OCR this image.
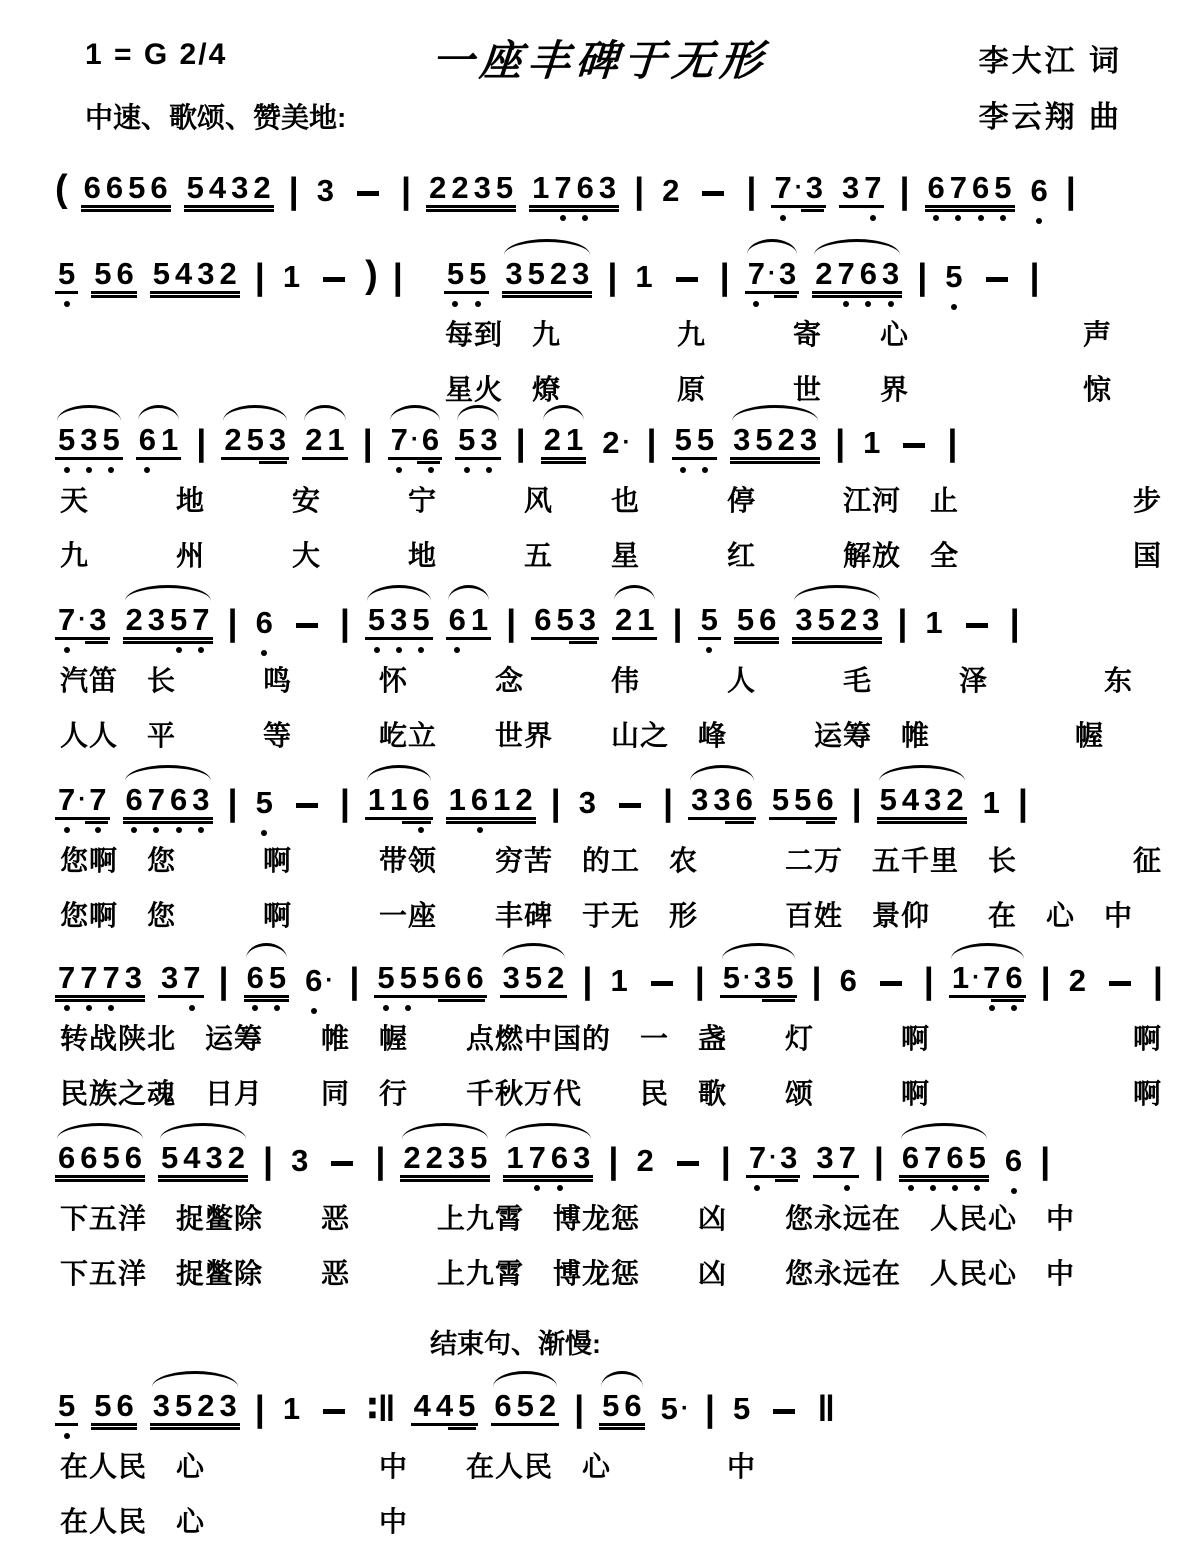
1 = G 2/4	一座丰碑于无形	李大江 词
李云翔 曲
中速、歌颂、赞美地:
( 6 6 5 6 5 4 3 2 | 3 | 2 2 3 5 1 7 6 3 | 2 | 7 · 3 3 7 | 6 7 6 5 6 |
5 5 6 5 4 3 2 | 1 ) | 5 5 3 5 2 3 | 1 | 7 · 3 2 7 6 3 | 5 |
每到　九　　　　九　　　寄　　心　　　　　　声
星火　燎　　　　原　　　世　　界　　　　　　惊
5 3 5 6 1 | 2 5 3 2 1 | 7 · 6 5 3 | 2 1 2 · | 5 5 3 5 2 3 | 1 |
天　　　地　　　安　　　宁　　　风　　也　　　停　　　江河　止　　　　　　步
九　　　州　　　大　　　地　　　五　　星　　　红　　　解放　全　　　　　　国
7 · 3 2 3 5 7 | 6 | 5 3 5 6 1 | 6 5 3 2 1 | 5 5 6 3 5 2 3 | 1 |
汽笛　长　　　鸣　　　怀　　　念　　　伟　　　人　　　毛　　　泽　　　　东
人人　平　　　等　　　屹立　　世界　　山之　峰　　　运筹　帷　　　　　幄
7 · 7 6 7 6 3 | 5 | 1 1 6 1 6 1 2 | 3 | 3 3 6 5 5 6 | 5 4 3 2 1 |
您啊　您　　　啊　　　带领　　穷苦　的工　农　　　二万　五千里　长　　　　征
您啊　您　　　啊　　　一座　　丰碑　于无　形　　　百姓　景仰　　在　心　中
7 7 7 3 3 7 | 6 5 6 · | 5 5 5 6 6 3 5 2 | 1 | 5 · 3 5 | 6 | 1 · 7 6 | 2 |
转战陕北　运筹　　帷　幄　　点燃中国的　一　盏　　灯　　　啊　　　　　　　啊
民族之魂　日月　　同　行　　千秋万代　　民　歌　　颂　　　啊　　　　　　　啊
6 6 5 6 5 4 3 2 | 3 | 2 2 3 5 1 7 6 3 | 2 | 7 · 3 3 7 | 6 7 6 5 6 |
下五洋　捉鳖除　　恶　　　上九霄　博龙惩　　凶　　您永远在　人民心　中
下五洋　捉鳖除　　恶　　　上九霄　博龙惩　　凶　　您永远在　人民心　中
结束句、渐慢:
5 5 6 3 5 2 3 | 1 ∶‖ 4 4 5 6 5 2 | 5 6 5 · | 5 ‖
在人民　心　　　　　　中　　在人民　心　　　　中
在人民　心　　　　　　中
